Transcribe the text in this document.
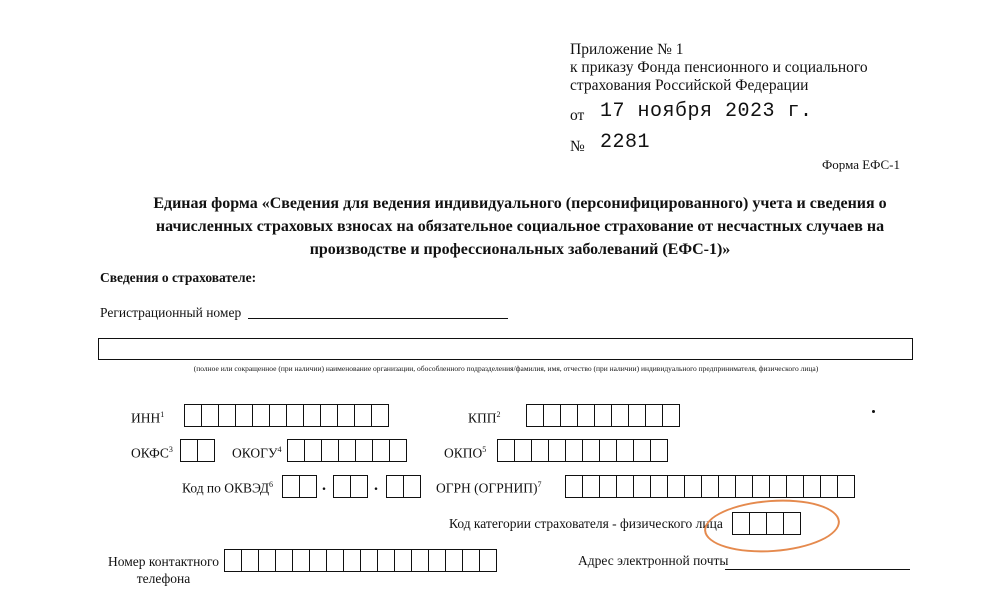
Приложение № 1
к приказу Фонда пенсионного и социального
страхования Российской Федерации
от 17 ноября 2023 г.
№ 2281
Форма ЕФС-1
Единая форма «Сведения для ведения индивидуального (персонифицированного) учета и сведения о
начисленных страховых взносах на обязательное социальное страхование от несчастных случаев на
производстве и профессиональных заболеваний (ЕФС-1)»
Сведения о страхователе:
Регистрационный номер
(полное или сокращенное (при наличии) наименование организации, обособленного подразделения/фамилия, имя, отчество (при наличии) индивидуального предпринимателя, физического лица)
ИНН$^1$	КПП$^2$
ОКФС$^3$	ОКОГУ$^4$	ОКПО$^5$
Код по ОКВЭД$^6$	.	.	ОГРН (ОГРНИП)$^7$
Код категории страхователя - физического лица
Номер контактного
телефона
Адрес электронной почты
